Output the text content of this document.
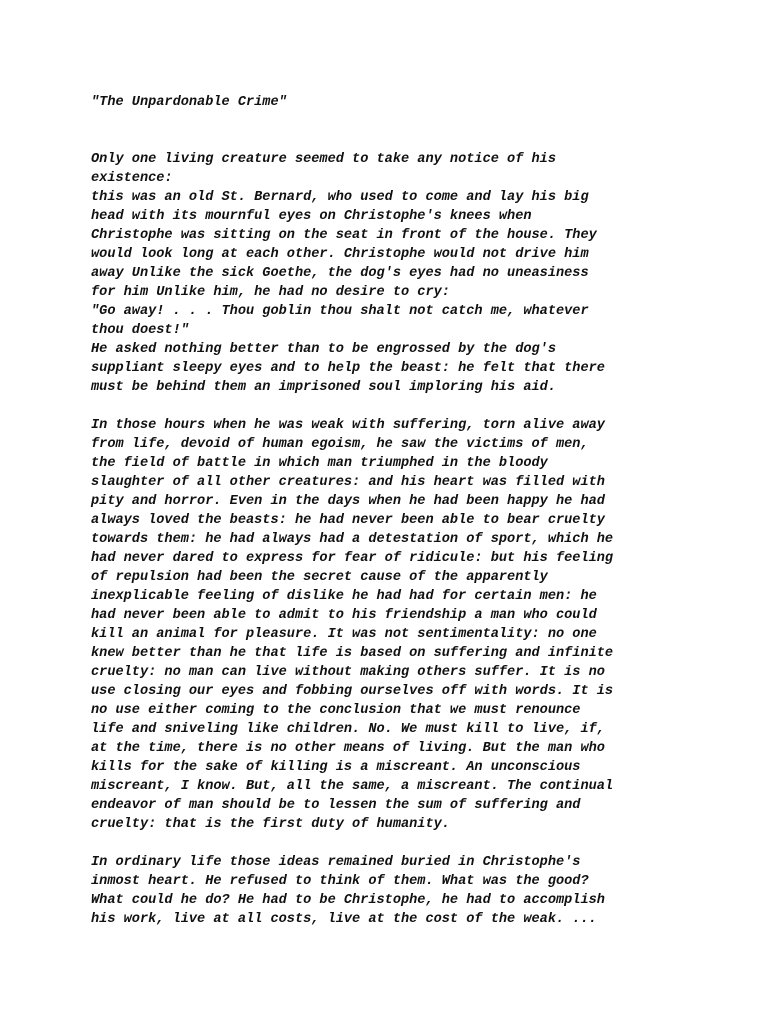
"The Unpardonable Crime"
Only one living creature seemed to take any notice of his
existence:
this was an old St. Bernard, who used to come and lay his big
head with its mournful eyes on Christophe's knees when
Christophe was sitting on the seat in front of the house. They
would look long at each other. Christophe would not drive him
away Unlike the sick Goethe, the dog's eyes had no uneasiness
for him Unlike him, he had no desire to cry:
"Go away! . . . Thou goblin thou shalt not catch me, whatever
thou doest!"
He asked nothing better than to be engrossed by the dog's
suppliant sleepy eyes and to help the beast: he felt that there
must be behind them an imprisoned soul imploring his aid.
In those hours when he was weak with suffering, torn alive away
from life, devoid of human egoism, he saw the victims of men,
the field of battle in which man triumphed in the bloody
slaughter of all other creatures: and his heart was filled with
pity and horror. Even in the days when he had been happy he had
always loved the beasts: he had never been able to bear cruelty
towards them: he had always had a detestation of sport, which he
had never dared to express for fear of ridicule: but his feeling
of repulsion had been the secret cause of the apparently
inexplicable feeling of dislike he had had for certain men: he
had never been able to admit to his friendship a man who could
kill an animal for pleasure. It was not sentimentality: no one
knew better than he that life is based on suffering and infinite
cruelty: no man can live without making others suffer. It is no
use closing our eyes and fobbing ourselves off with words. It is
no use either coming to the conclusion that we must renounce
life and sniveling like children. No. We must kill to live, if,
at the time, there is no other means of living. But the man who
kills for the sake of killing is a miscreant. An unconscious
miscreant, I know. But, all the same, a miscreant. The continual
endeavor of man should be to lessen the sum of suffering and
cruelty: that is the first duty of humanity.
In ordinary life those ideas remained buried in Christophe's
inmost heart. He refused to think of them. What was the good?
What could he do? He had to be Christophe, he had to accomplish
his work, live at all costs, live at the cost of the weak. ...
